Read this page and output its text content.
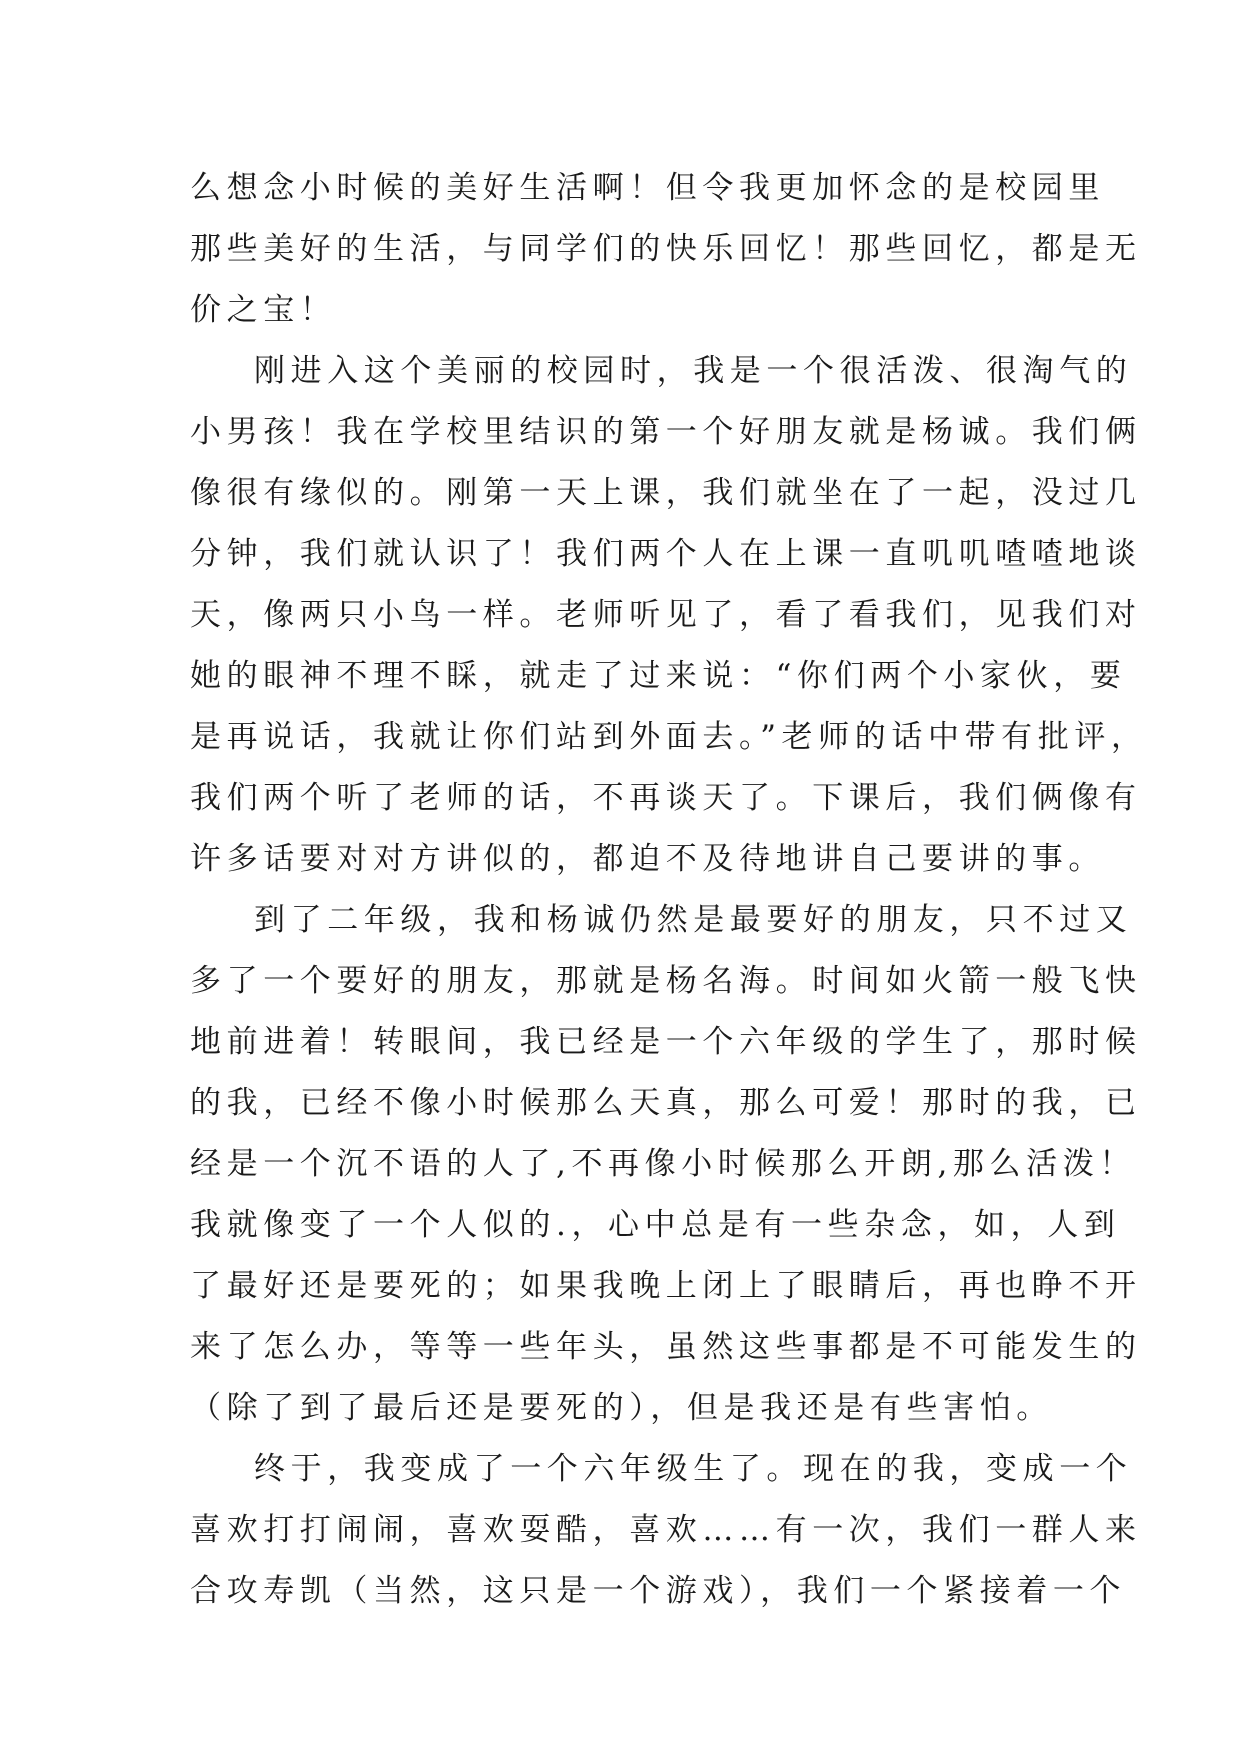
么想念小时候的美好生活啊！但令我更加怀念的是校园里
那些美好的生活，与同学们的快乐回忆！那些回忆，都是无
价之宝！
刚进入这个美丽的校园时，我是一个很活泼、很淘气的
小男孩！我在学校里结识的第一个好朋友就是杨诚。我们俩
像很有缘似的。刚第一天上课，我们就坐在了一起，没过几
分钟，我们就认识了！我们两个人在上课一直叽叽喳喳地谈
天，像两只小鸟一样。老师听见了，看了看我们，见我们对
她的眼神不理不睬，就走了过来说：“你们两个小家伙，要
是再说话，我就让你们站到外面去。”老师的话中带有批评，
我们两个听了老师的话，不再谈天了。下课后，我们俩像有
许多话要对对方讲似的，都迫不及待地讲自己要讲的事。
到了二年级，我和杨诚仍然是最要好的朋友，只不过又
多了一个要好的朋友，那就是杨名海。时间如火箭一般飞快
地前进着！转眼间，我已经是一个六年级的学生了，那时候
的我，已经不像小时候那么天真，那么可爱！那时的我，已
经是一个沉不语的人了,不再像小时候那么开朗,那么活泼！
我就像变了一个人似的.，心中总是有一些杂念，如，人到
了最好还是要死的；如果我晚上闭上了眼睛后，再也睁不开
来了怎么办，等等一些年头，虽然这些事都是不可能发生的
（除了到了最后还是要死的），但是我还是有些害怕。
终于，我变成了一个六年级生了。现在的我，变成一个
喜欢打打闹闹，喜欢耍酷，喜欢……有一次，我们一群人来
合攻寿凯（当然，这只是一个游戏），我们一个紧接着一个
